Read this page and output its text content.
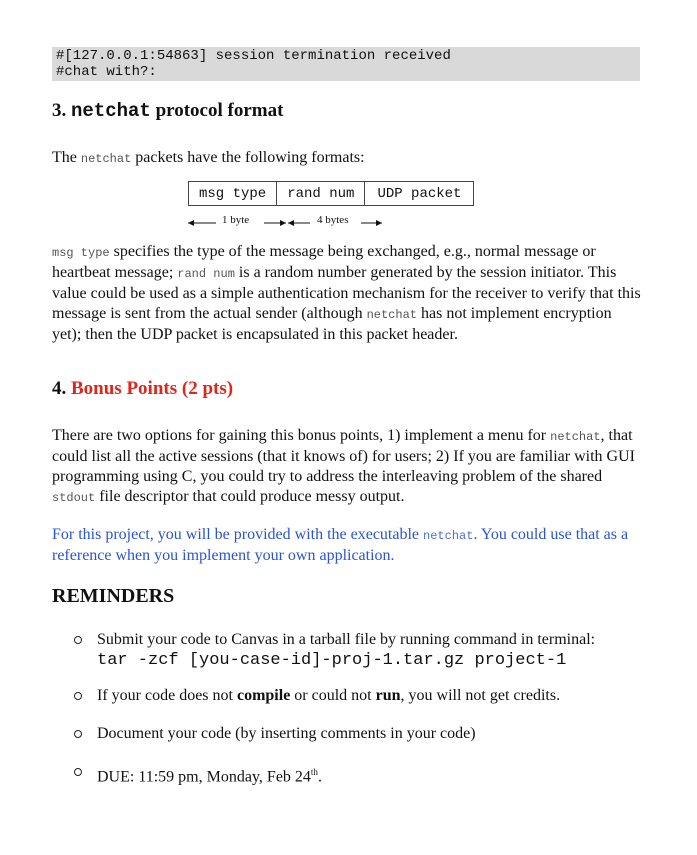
#[127.0.0.1:54863] session termination received
#chat with?:
3. netchat protocol format

The netchat packets have the following formats:

msg type	rand num	UDP packet
1 byte	4 bytes

msg type specifies the type of the message being exchanged, e.g., normal message or heartbeat message; rand num is a random number generated by the session initiator. This value could be used as a simple authentication mechanism for the receiver to verify that this message is sent from the actual sender (although netchat has not implement encryption yet); then the UDP packet is encapsulated in this packet header.

4. Bonus Points (2 pts)

There are two options for gaining this bonus points, 1) implement a menu for netchat, that could list all the active sessions (that it knows of) for users; 2) If you are familiar with GUI programming using C, you could try to address the interleaving problem of the shared stdout file descriptor that could produce messy output.

For this project, you will be provided with the executable netchat. You could use that as a reference when you implement your own application.

REMINDERS
Submit your code to Canvas in a tarball file by running command in terminal:
tar -zcf [you-case-id]-proj-1.tar.gz project-1
If your code does not compile or could not run, you will not get credits.
Document your code (by inserting comments in your code)
DUE: 11:59 pm, Monday, Feb 24th.
